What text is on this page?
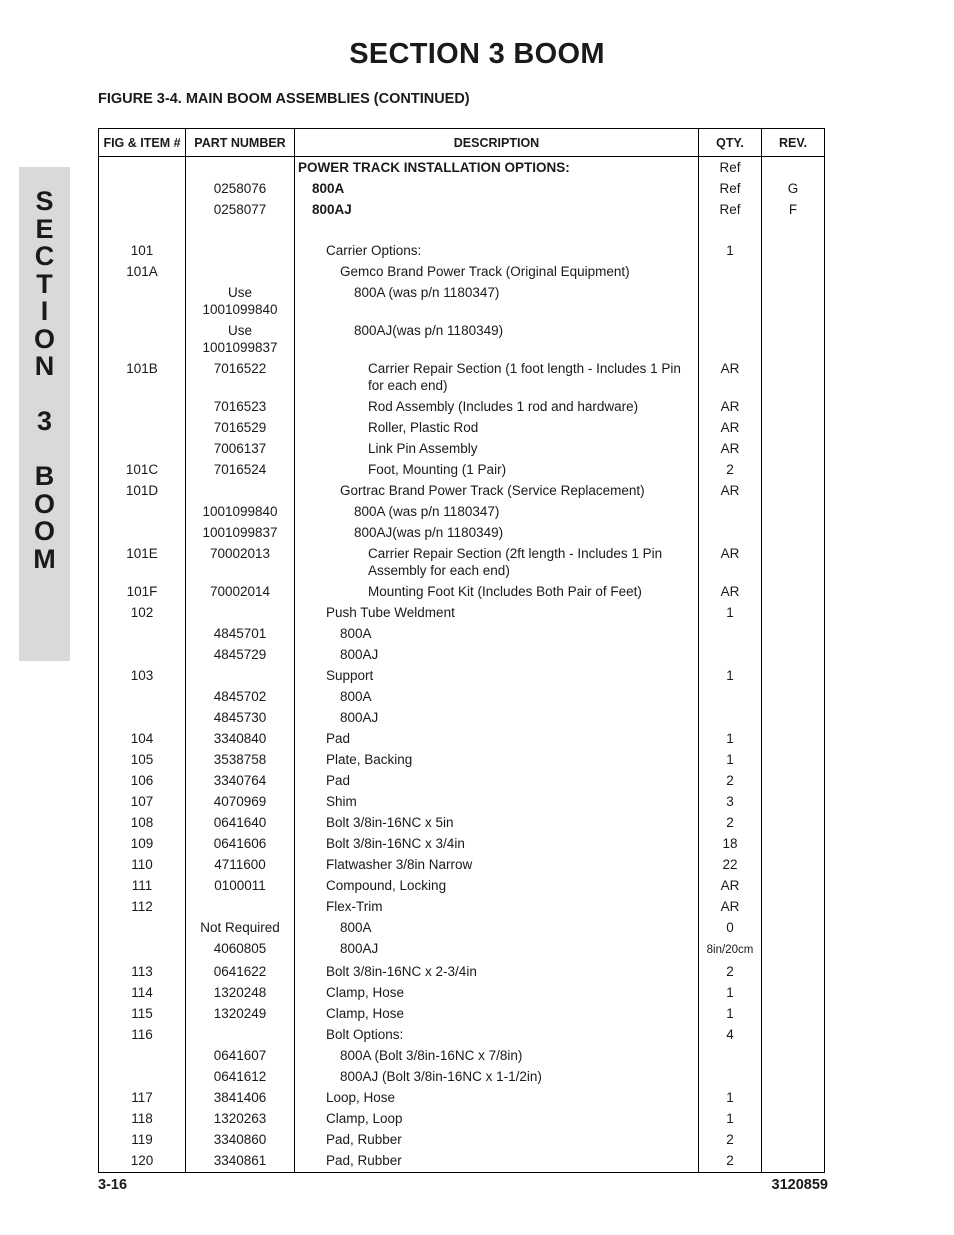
SECTION 3 BOOM
FIGURE 3-4. MAIN BOOM ASSEMBLIES (CONTINUED)
S
E
C
T
I
O
N
3
B
O
O
M
FIG & ITEM #	PART NUMBER	DESCRIPTION	QTY.	REV.

		POWER TRACK INSTALLATION OPTIONS:	Ref	
	0258076	800A	Ref	G
	0258077	800AJ	Ref	F

101		Carrier Options:	1	
101A		Gemco Brand Power Track (Original Equipment)		

	Use 1001099840	800A (was p/n 1180347)		

	Use 1001099837	800AJ(was p/n 1180349)		

101B	7016522	Carrier Repair Section (1 foot length - Includes 1 Pin for each end)	AR	
	7016523	Rod Assembly (Includes 1 rod and hardware)	AR	
	7016529	Roller, Plastic Rod	AR	
	7006137	Link Pin Assembly	AR	
101C	7016524	Foot, Mounting (1 Pair)	2	
101D		Gortrac Brand Power Track (Service Replacement)	AR	
	1001099840	800A (was p/n 1180347)		

	1001099837	800AJ(was p/n 1180349)		

101E	70002013	Carrier Repair Section (2ft length - Includes 1 Pin Assembly for each end)	AR	
101F	70002014	Mounting Foot Kit (Includes Both Pair of Feet)	AR	
102		Push Tube Weldment	1	
	4845701	800A		

	4845729	800AJ		

103		Support	1	
	4845702	800A		

	4845730	800AJ		

104	3340840	Pad	1	
105	3538758	Plate, Backing	1	
106	3340764	Pad	2	
107	4070969	Shim	3	
108	0641640	Bolt 3/8in-16NC x 5in	2	
109	0641606	Bolt 3/8in-16NC x 3/4in	18	
110	4711600	Flatwasher 3/8in Narrow	22	
111	0100011	Compound, Locking	AR	
112		Flex-Trim	AR	
	Not Required	800A	0	
	4060805	800AJ	8in/20cm	
113	0641622	Bolt 3/8in-16NC x 2-3/4in	2	
114	1320248	Clamp, Hose	1	
115	1320249	Clamp, Hose	1	
116		Bolt Options:	4	
	0641607	800A (Bolt 3/8in-16NC x 7/8in)		

	0641612	800AJ (Bolt 3/8in-16NC x 1-1/2in)		

117	3841406	Loop, Hose	1	
118	1320263	Clamp, Loop	1	
119	3340860	Pad, Rubber	2	
120	3340861	Pad, Rubber	2	
3-16	3120859
